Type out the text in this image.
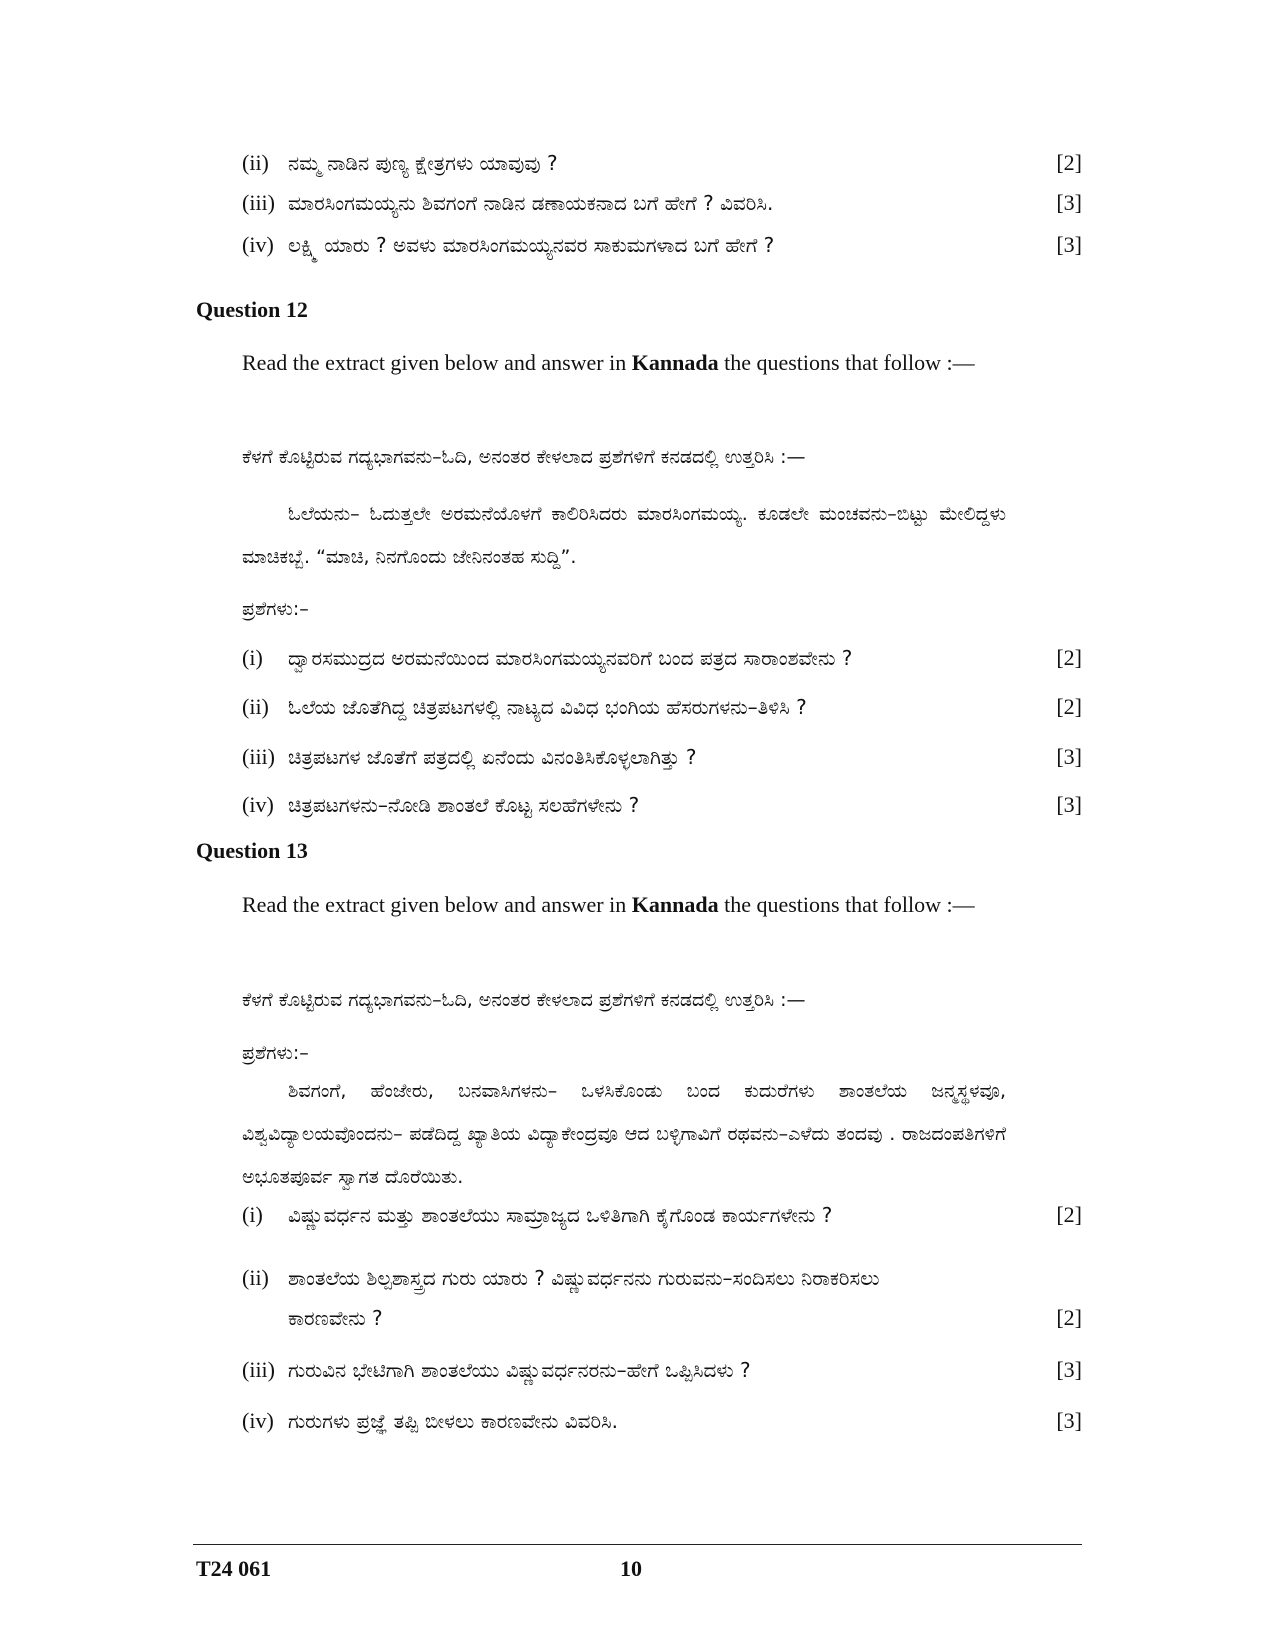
(ii) ನಮ್ಮ ನಾಡಿನ ಪುಣ್ಯ ಕ್ಷೇತ್ರಗಳು ಯಾವುವು ?	[2]
(iii) ಮಾರಸಿಂಗಮಯ್ಯನು ಶಿವಗಂಗೆ ನಾಡಿನ ಡಣಾಯಕನಾದ ಬಗೆ ಹೇಗೆ ? ವಿವರಿಸಿ.	[3]
(iv) ಲಕ್ಷ್ಮಿ ಯಾರು ? ಅವಳು ಮಾರಸಿಂಗಮಯ್ಯನವರ ಸಾಕುಮಗಳಾದ ಬಗೆ ಹೇಗೆ ?	[3]
Question 12
Read the extract given below and answer in Kannada the questions that follow :—
ಕೆಳಗೆ ಕೊಟ್ಟಿರುವ ಗದ್ಯಭಾಗವನು–ಓದಿ, ಅನಂತರ ಕೇಳಲಾದ ಪ್ರಶೆಗಳಿಗೆ ಕನಡದಲ್ಲಿ ಉತ್ತರಿಸಿ :—
ಓಲೆಯನು– ಓದುತ್ತಲೇ ಅರಮನೆಯೊಳಗೆ ಕಾಲಿರಿಸಿದರು ಮಾರಸಿಂಗಮಯ್ಯ. ಕೂಡಲೇ ಮಂಚವನು–ಬಿಟ್ಟು ಮೇಲಿದ್ದಳು ಮಾಚಿಕಬ್ಬೆ. “ಮಾಚಿ, ನಿನಗೊಂದು ಜೇನಿನಂತಹ ಸುದ್ದಿ”.
ಪ್ರಶೆಗಳು:–
(i) ದ್ವಾರಸಮುದ್ರದ ಅರಮನೆಯಿಂದ ಮಾರಸಿಂಗಮಯ್ಯನವರಿಗೆ ಬಂದ ಪತ್ರದ ಸಾರಾಂಶವೇನು ?	[2]
(ii) ಓಲೆಯ ಜೊತೆಗಿದ್ದ ಚಿತ್ರಪಟಗಳಲ್ಲಿ ನಾಟ್ಯದ ವಿವಿಧ ಭಂಗಿಯ ಹೆಸರುಗಳನು–ತಿಳಿಸಿ ?	[2]
(iii) ಚಿತ್ರಪಟಗಳ ಜೊತೆಗೆ ಪತ್ರದಲ್ಲಿ ಏನೆಂದು ವಿನಂತಿಸಿಕೊಳ್ಳಲಾಗಿತ್ತು ?	[3]
(iv) ಚಿತ್ರಪಟಗಳನು–ನೋಡಿ ಶಾಂತಲೆ ಕೊಟ್ಟ ಸಲಹೆಗಳೇನು ?	[3]
Question 13
Read the extract given below and answer in Kannada the questions that follow :—
ಕೆಳಗೆ ಕೊಟ್ಟಿರುವ ಗದ್ಯಭಾಗವನು–ಓದಿ, ಅನಂತರ ಕೇಳಲಾದ ಪ್ರಶೆಗಳಿಗೆ ಕನಡದಲ್ಲಿ ಉತ್ತರಿಸಿ :—
ಪ್ರಶೆಗಳು:–
ಶಿವಗಂಗೆ, ಹೆಂಜೇರು, ಬನವಾಸಿಗಳನು– ಒಳಸಿಕೊಂಡು ಬಂದ ಕುದುರೆಗಳು ಶಾಂತಲೆಯ ಜನ್ಮಸ್ಥಳವೂ, ವಿಶ್ವವಿದ್ಯಾಲಯವೊಂದನು– ಪಡೆದಿದ್ದ ಖ್ಯಾತಿಯ ವಿದ್ಯಾಕೇಂದ್ರವೂ ಆದ ಬಳ್ಳಿಗಾವಿಗೆ ರಥವನು–ಎಳೆದು ತಂದವು . ರಾಜದಂಪತಿಗಳಿಗೆ ಅಭೂತಪೂರ್ವ ಸ್ವಾಗತ ದೊರೆಯಿತು.
(i) ವಿಷ್ಣುವರ್ಧನ ಮತ್ತು ಶಾಂತಲೆಯು ಸಾಮ್ರಾಜ್ಯದ ಒಳಿತಿಗಾಗಿ ಕೈಗೊಂಡ ಕಾರ್ಯಗಳೇನು ?	[2]
(ii) ಶಾಂತಲೆಯ ಶಿಲ್ಪಶಾಸ್ತ್ರದ ಗುರು ಯಾರು ? ವಿಷ್ಣುವರ್ಧನನು ಗುರುವನು–ಸಂದಿಸಲು ನಿರಾಕರಿಸಲು
ಕಾರಣವೇನು ?	[2]
(iii) ಗುರುವಿನ ಭೇಟಿಗಾಗಿ ಶಾಂತಲೆಯು ವಿಷ್ಣುವರ್ಧನರನು–ಹೇಗೆ ಒಪ್ಪಿಸಿದಳು ?	[3]
(iv) ಗುರುಗಳು ಪ್ರಜ್ಞೆ ತಪ್ಪಿ ಬೀಳಲು ಕಾರಣವೇನು ವಿವರಿಸಿ.	[3]
T24 061	10
